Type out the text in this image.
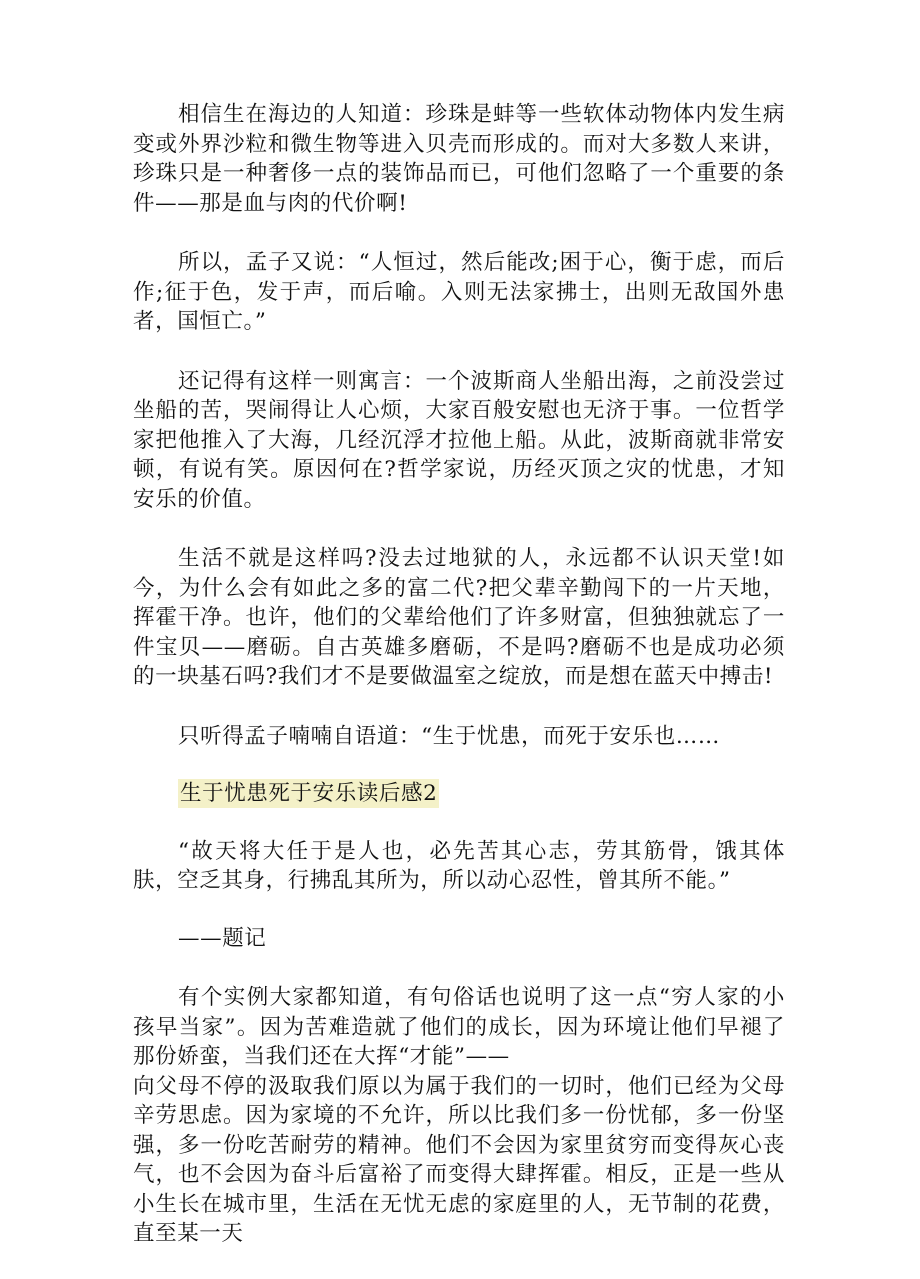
相信生在海边的人知道：珍珠是蚌等一些软体动物体内发生病变或外界沙粒和微生物等进入贝壳而形成的。而对大多数人来讲，珍珠只是一种奢侈一点的装饰品而已，可他们忽略了一个重要的条件——那是血与肉的代价啊!

所以，孟子又说：“人恒过，然后能改;困于心，衡于虑，而后作;征于色，发于声，而后喻。入则无法家拂士，出则无敌国外患者，国恒亡。”

还记得有这样一则寓言：一个波斯商人坐船出海，之前没尝过坐船的苦，哭闹得让人心烦，大家百般安慰也无济于事。一位哲学家把他推入了大海，几经沉浮才拉他上船。从此，波斯商就非常安顿，有说有笑。原因何在?哲学家说，历经灭顶之灾的忧患，才知安乐的价值。

生活不就是这样吗?没去过地狱的人，永远都不认识天堂!如今，为什么会有如此之多的富二代?把父辈辛勤闯下的一片天地，挥霍干净。也许，他们的父辈给他们了许多财富，但独独就忘了一件宝贝——磨砺。自古英雄多磨砺，不是吗?磨砺不也是成功必须的一块基石吗?我们才不是要做温室之绽放，而是想在蓝天中搏击!

只听得孟子喃喃自语道：“生于忧患，而死于安乐也……

生于忧患死于安乐读后感2

“故天将大任于是人也，必先苦其心志，劳其筋骨，饿其体肤，空乏其身，行拂乱其所为，所以动心忍性，曾其所不能。”

——题记

有个实例大家都知道，有句俗话也说明了这一点“穷人家的小孩早当家”。因为苦难造就了他们的成长，因为环境让他们早褪了那份娇蛮，当我们还在大挥“才能”——
向父母不停的汲取我们原以为属于我们的一切时，他们已经为父母辛劳思虑。因为家境的不允许，所以比我们多一份忧郁，多一份坚强，多一份吃苦耐劳的精神。他们不会因为家里贫穷而变得灰心丧气，也不会因为奋斗后富裕了而变得大肆挥霍。相反，正是一些从小生长在城市里，生活在无忧无虑的家庭里的人，无节制的花费，直至某一天
